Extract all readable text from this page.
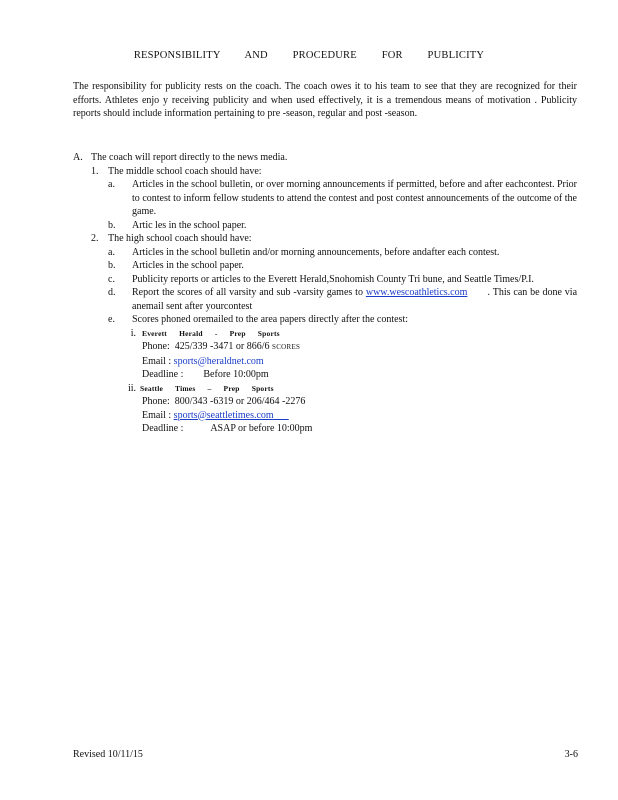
RESPONSIBILITY AND PROCEDURE FOR PUBLICITY
The responsibility for publicity rests on the coach. The coach owes it to his team to see that they are recognized for their efforts. Athletes enjo y receiving publicity and when used effectively, it is a tremendous means of motivation . Publicity reports should include information pertaining to pre -season, regular and post -season.
A. The coach will report directly to the news media.
1. The middle school coach should have:
a.	Articles in the school bulletin, or over morning announcements if permitted, before and after eachcontest. Prior to contest to inform fellow students to attend the contest and post contest announcements of the outcome of the game.
b.	Artic les in the school paper.
2. The high school coach should have:
a.	Articles in the school bulletin and/or morning announcements, before andafter each contest.
b.	Articles in the school paper.
c.	Publicity reports or articles to the Everett Herald,Snohomish County Tri bune, and Seattle Times/P.I.
d.	Report the scores of all varsity and sub -varsity games to www.wescoathletics.com . This can be done via anemail sent after yourcontest
e.	Scores phoned oremailed to the area papers directly after the contest:
i. Everett Herald - Prep Sports
Phone: 425/339 -3471 or 866/6 SCORES
Email : sports@heraldnet.com
Deadline : Before 10:00pm
ii. Seattle Times – Prep Sports
Phone: 800/343 -6319 or 206/464 -2276
Email : sports@seattletimes.com
Deadline :	ASAP or before 10:00pm
Revised 10/11/15	3-6
